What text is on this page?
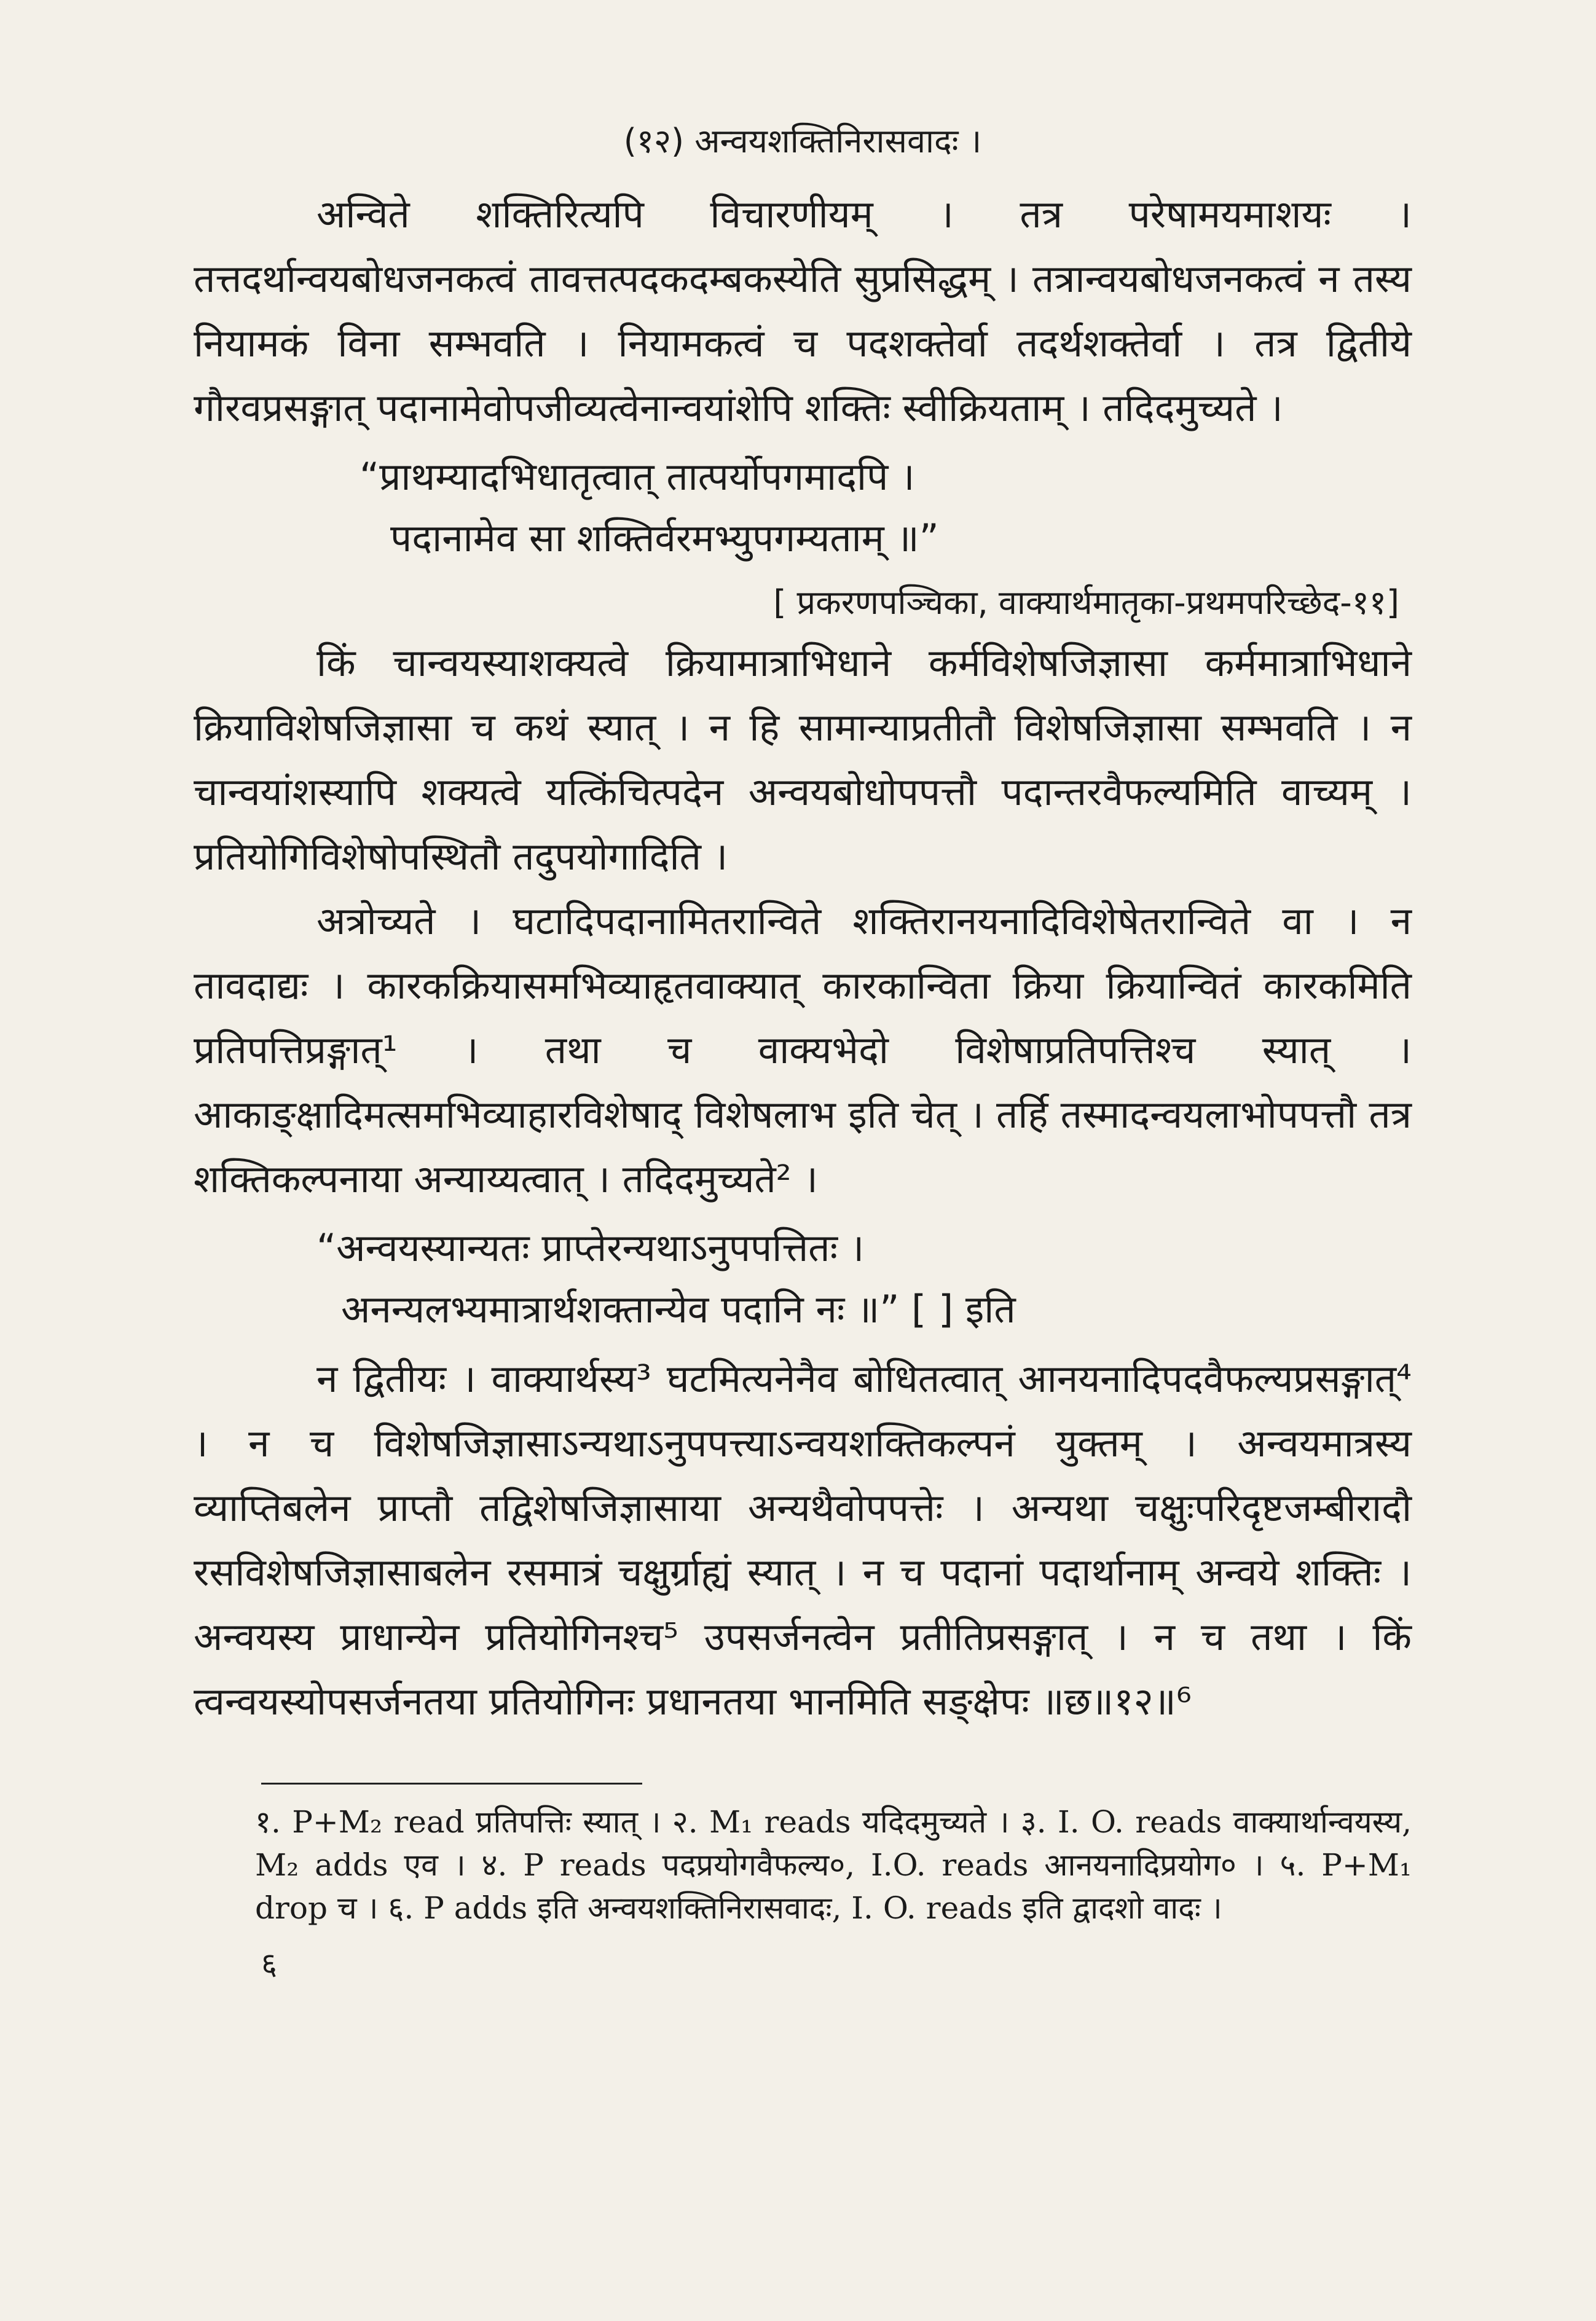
(१२) अन्वयशक्तिनिरासवादः ।

अन्विते शक्तिरित्यपि विचारणीयम् । तत्र परेषामयमाशयः । तत्तदर्थान्वयबोधजनकत्वं तावत्तत्पदकदम्बकस्येति सुप्रसिद्धम् । तत्रान्वयबोधजनकत्वं न तस्य नियामकं विना सम्भवति । नियामकत्वं च पदशक्तेर्वा तदर्थशक्तेर्वा । तत्र द्वितीये गौरवप्रसङ्गात् पदानामेवोपजीव्यत्वेनान्वयांशेपि शक्तिः स्वीक्रियताम् । तदिदमुच्यते ।

“प्राथम्यादभिधातृत्वात् तात्पर्योपगमादपि ।
पदानामेव सा शक्तिर्वरमभ्युपगम्यताम् ॥”
[ प्रकरणपञ्चिका, वाक्यार्थमातृका-प्रथमपरिच्छेद-११]

किं चान्वयस्याशक्यत्वे क्रियामात्राभिधाने कर्मविशेषजिज्ञासा कर्ममात्राभिधाने क्रियाविशेषजिज्ञासा च कथं स्यात् । न हि सामान्याप्रतीतौ विशेषजिज्ञासा सम्भवति । न चान्वयांशस्यापि शक्यत्वे यत्किंचित्पदेन अन्वयबोधोपपत्तौ पदान्तरवैफल्यमिति वाच्यम् । प्रतियोगिविशेषोपस्थितौ तदुपयोगादिति ।

अत्रोच्यते । घटादिपदानामितरान्विते शक्तिरानयनादिविशेषेतरान्विते वा । न तावदाद्यः । कारकक्रियासमभिव्याहृतवाक्यात् कारकान्विता क्रिया क्रियान्वितं कारकमिति प्रतिपत्तिप्रङ्गात्¹ । तथा च वाक्यभेदो विशेषाप्रतिपत्तिश्च स्यात् । आकाङ्क्षादिमत्समभिव्याहारविशेषाद् विशेषलाभ इति चेत् । तर्हि तस्मादन्वयलाभोपपत्तौ तत्र शक्तिकल्पनाया अन्याय्यत्वात् । तदिदमुच्यते² ।

“अन्वयस्यान्यतः प्राप्तेरन्यथाऽनुपपत्तितः ।
अनन्यलभ्यमात्रार्थशक्तान्येव पदानि नः ॥” [ ] इति

न द्वितीयः । वाक्यार्थस्य³ घटमित्यनेनैव बोधितत्वात् आनयनादिपदवैफल्यप्रसङ्गात्⁴ । न च विशेषजिज्ञासाऽन्यथाऽनुपपत्त्याऽन्वयशक्तिकल्पनं युक्तम् । अन्वयमात्रस्य व्याप्तिबलेन प्राप्तौ तद्विशेषजिज्ञासाया अन्यथैवोपपत्तेः । अन्यथा चक्षुःपरिदृष्टजम्बीरादौ रसविशेषजिज्ञासाबलेन रसमात्रं चक्षुर्ग्राह्यं स्यात् । न च पदानां पदार्थानाम् अन्वये शक्तिः । अन्वयस्य प्राधान्येन प्रतियोगिनश्च⁵ उपसर्जनत्वेन प्रतीतिप्रसङ्गात् । न च तथा । किं त्वन्वयस्योपसर्जनतया प्रतियोगिनः प्रधानतया भानमिति सङ्क्षेपः ॥छ॥१२॥⁶

१. P+M₂ read प्रतिपत्तिः स्यात् । २. M₁ reads यदिदमुच्यते । ३. I. O. reads वाक्यार्थान्वयस्य, M₂ adds एव । ४. P reads पदप्रयोगवैफल्य०, I.O. reads आनयनादिप्रयोग० । ५. P+M₁ drop च । ६. P adds इति अन्वयशक्तिनिरासवादः, I. O. reads इति द्वादशो वादः ।
६
